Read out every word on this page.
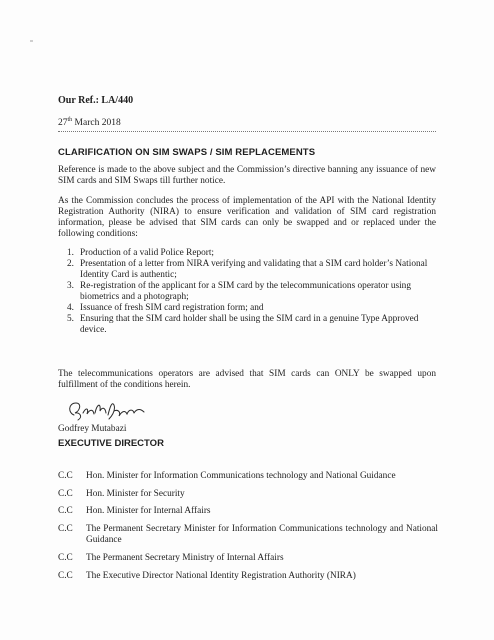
Our Ref.: LA/440
27th March 2018
CLARIFICATION ON SIM SWAPS / SIM REPLACEMENTS
Reference is made to the above subject and the Commission’s directive banning any issuance of new SIM cards and SIM Swaps till further notice.
As the Commission concludes the process of implementation of the API with the National Identity Registration Authority (NIRA) to ensure verification and validation of SIM card registration information, please be advised that SIM cards can only be swapped and or replaced under the following conditions:
1. Production of a valid Police Report;
2. Presentation of a letter from NIRA verifying and validating that a SIM card holder’s National Identity Card is authentic;
3. Re-registration of the applicant for a SIM card by the telecommunications operator using biometrics and a photograph;
4. Issuance of fresh SIM card registration form; and
5. Ensuring that the SIM card holder shall be using the SIM card in a genuine Type Approved device.
The telecommunications operators are advised that SIM cards can ONLY be swapped upon fulfillment of the conditions herein.
Godfrey Mutabazi
EXECUTIVE DIRECTOR
C.C	Hon. Minister for Information Communications technology and National Guidance
C.C	Hon. Minister for Security
C.C	Hon. Minister for Internal Affairs
C.C	The Permanent Secretary Minister for Information Communications technology and National Guidance
C.C	The Permanent Secretary Ministry of Internal Affairs
C.C	The Executive Director National Identity Registration Authority (NIRA)
